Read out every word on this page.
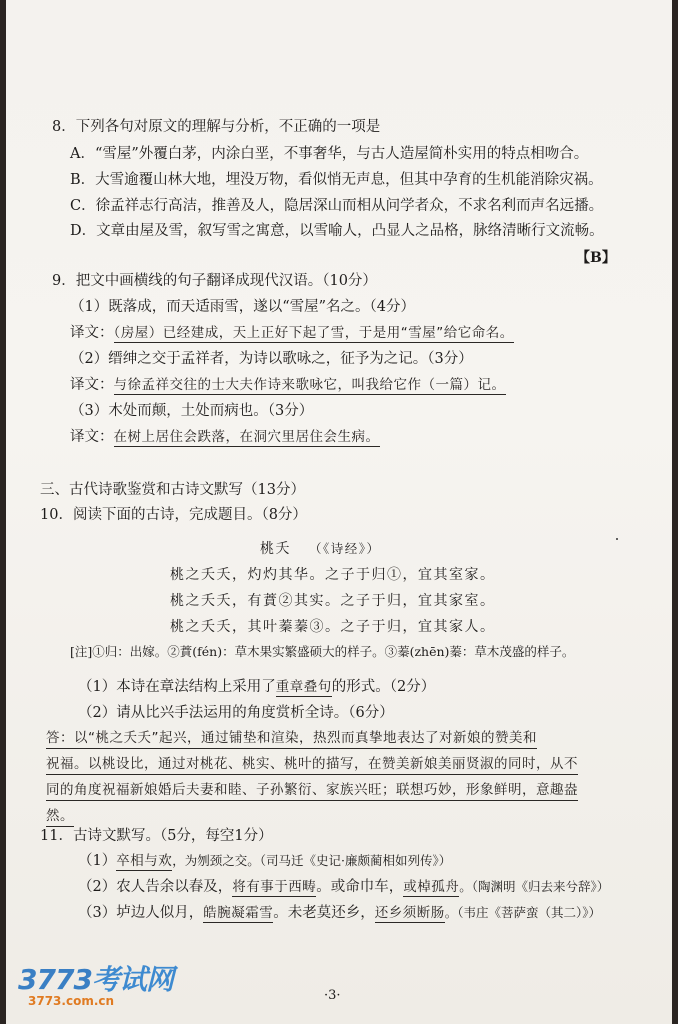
8．下列各句对原文的理解与分析，不正确的一项是
A．“雪屋”外覆白茅，内涂白垩，不事奢华，与古人造屋简朴实用的特点相吻合。
B．大雪逾覆山林大地，埋没万物，看似悄无声息，但其中孕育的生机能消除灾祸。
C．徐孟祥志行高洁，推善及人，隐居深山而相从问学者众，不求名利而声名远播。
D．文章由屋及雪，叙写雪之寓意，以雪喻人，凸显人之品格，脉络清晰行文流畅。
【B】
9．把文中画横线的句子翻译成现代汉语。（10分）
（1）既落成，而天适雨雪，遂以“雪屋”名之。（4分）
译文：（房屋）已经建成，天上正好下起了雪，于是用“雪屋”给它命名。
（2）缙绅之交于孟祥者，为诗以歌咏之，征予为之记。（3分）
译文：与徐孟祥交往的士大夫作诗来歌咏它，叫我给它作（一篇）记。
（3）木处而颠，土处而病也。（3分）
译文：在树上居住会跌落，在洞穴里居住会生病。
三、古代诗歌鉴赏和古诗文默写（13分）
10．阅读下面的古诗，完成题目。（8分）
桃夭 （《诗经》）
桃之夭夭，灼灼其华。之子于归①，宜其室家。
桃之夭夭，有蕡②其实。之子于归，宜其家室。
桃之夭夭，其叶蓁蓁③。之子于归，宜其家人。
[注]①归：出嫁。②蕡(fén)：草木果实繁盛硕大的样子。③蓁(zhēn)蓁：草木茂盛的样子。
（1）本诗在章法结构上采用了重章叠句的形式。（2分）
（2）请从比兴手法运用的角度赏析全诗。（6分）
答：以“桃之夭夭”起兴，通过铺垫和渲染，热烈而真挚地表达了对新娘的赞美和
祝福。以桃设比，通过对桃花、桃实、桃叶的描写，在赞美新娘美丽贤淑的同时，从不
同的角度祝福新娘婚后夫妻和睦、子孙繁衍、家族兴旺；联想巧妙，形象鲜明，意趣盎
然。
11．古诗文默写。（5分，每空1分）
（1）卒相与欢，为刎颈之交。（司马迁《史记·廉颇蔺相如列传》）
（2）农人告余以春及，将有事于西畴。或命巾车，或棹孤舟。（陶渊明《归去来兮辞》）
（3）垆边人似月，皓腕凝霜雪。未老莫还乡，还乡须断肠。（韦庄《菩萨蛮（其二）》）
·3·
3773考试网
3773.com.cn
